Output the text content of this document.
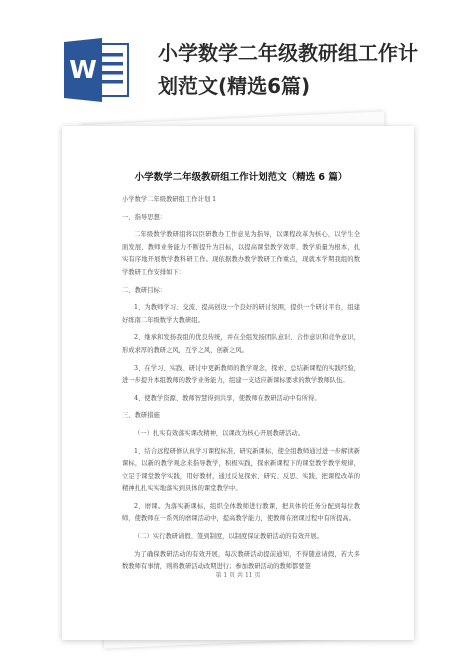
W
小学数学二年级教研组工作计
划范文(精选6篇)
小学数学二年级教研组工作计划范文（精选 6 篇）
小学数学二年级教研组工作计划 1
一、指导思想：
二年级数学教研组将以臣研教办工作意见为指导，以课程改革为核心，以学生全面发展、教师业务能力不断提升为目标，以提高课堂教学效率、教学质量为根本，扎实有序地开展数学教科研工作。现依据教办教学教研工作重点，现就本学期我组的数学教研工作安排如下：
二、教研目标：
1、为教师学习、交流、提高创设一个良好的研讨氛围，提供一个研讨平台，组建好练南二年级数学大教研组。
2、继承和发扬我组的优良传统，并在全组发扬团队意识、合作意识和竞争意识，形成求厚的教研之风，互学之风，创新之风。
3、在学习、实践、研讨中更新教师的教学观念，探索、总结新课程的实践经验，进一步提升本组教师的教学业务能力，组建一支适应新课标要求的数学教师队伍。
4、使教学资源、教师智慧得到共享，使教师在教研活动中有所得。
三、教研措施
（一）扎实有效落实课改精神，以课改为核心开展教研活动。
1、结合远程研修认真学习课程标准，研究新课标，使全组教师通过进一步解读新课标，以新的教学观念来指导教学，积极实践，探索新课程下的课堂教学教学规律，立足于课堂教学实践，用好教材，通过反复探索、研究、反思、实践，把课程改革的精神扎扎实实地落实到具体的课堂教学中。
2、磨课。为落实新课标，组织全体教师进行教课，把具体的任务分配到每位教师，使教师在一系列的磨课活动中，提高教学能力，使教师在磨课过程中有所提高。
（二）实行教研请假、签到制度，以制度保证教研活动的有效开展。
为了确保教研活动的有效开展，每次教研活动提前通知，不得随意请假，若大多数教师有事情，则将教研活动改期进行；参加教研活动的教师都要签
第 1 页 共 11 页
